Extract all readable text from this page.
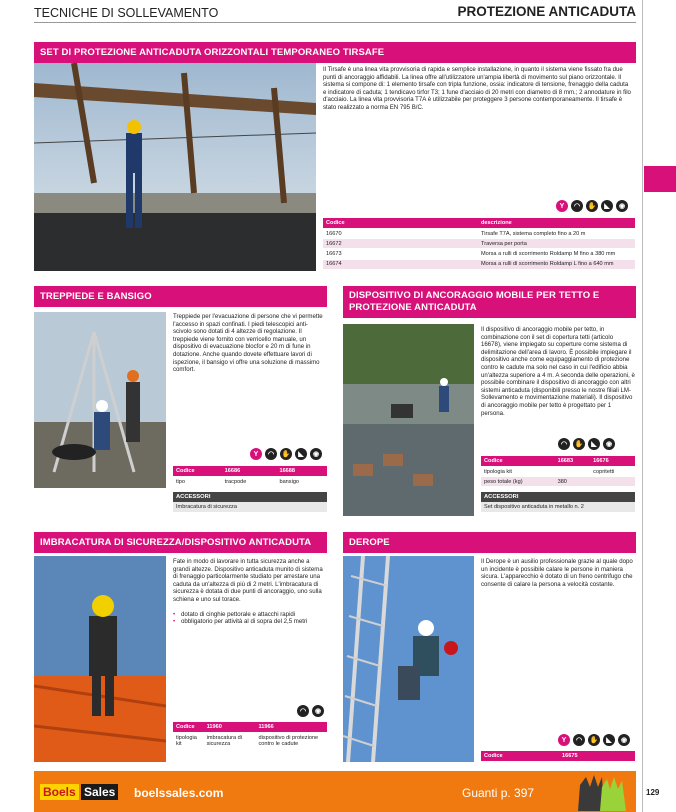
TECNICHE DI SOLLEVAMENTO	PROTEZIONE ANTICADUTA
SET DI PROTEZIONE ANTICADUTA ORIZZONTALI TEMPORANEO TIRSAFE
Il Tirsafe è una linea vita provvisoria di rapida e semplice installazione, in quanto il sistema viene fissato fra due punti di ancoraggio affidabili. La linea offre all'utilizzatore un'ampia libertà di movimento sul piano orizzontale. Il sistema si compone di: 1 elemento tirsafe con tripla funzione, ossia: indicatore di tensione, frenaggio della caduta e indicatore di caduta; 1 tendicavo tirfor T3; 1 fune d'acciaio di 20 metri con diametro di 8 mm.; 2 annodature in filo d'acciaio. La linea vita provvisoria T7A è utilizzabile per proteggere 3 persone contemporaneamente. Il tirsafe è stato realizzato a norma EN 795 B/C.
Y	◠	✋	◣	◉
Codice	descrizione
16670	Tirsafe T7A, sistema completo fino a 20 m
16672	Traversa per porta
16673	Morsa a rulli di scorrimento Roldamp M fino a 380 mm
16674	Morsa a rulli di scorrimento Roldamp L fino a 640 mm
TREPPIEDE E BANSIGO
Treppiede per l'evacuazione di persone che vi permette l'accesso in spazi confinati. I piedi telescopici anti-scivolo sono dotati di 4 altezze di regolazione. Il treppiede viene fornito con verricello manuale, un dispositivo di evacuazione blocfor e 20 m di fune in dotazione. Anche quando dovete effettuare lavori di ispezione, il bansigo vi offre una soluzione di massimo comfort.
Y	◠	✋	◣	◉
Codice	16686	16688
tipo	tracpode	bansigo
ACCESSORI
Imbracatura di sicurezza
DISPOSITIVO DI ANCORAGGIO MOBILE PER TETTO E PROTEZIONE ANTICADUTA
Il dispositivo di ancoraggio mobile per tetto, in combinazione con il set di copertura tetti (articolo 16678), viene impiegato su coperture come sistema di delimitazione dell'area di lavoro. È possibile impiegare il dispositivo anche come equipaggiamento di protezione contro le cadute ma solo nel caso in cui l'edificio abbia un'altezza superiore a 4 m. A seconda delle operazioni, è possibile combinare il dispositivo di ancoraggio con altri sistemi anticaduta (disponibili presso le nostre filiali LM- Sollevamento e movimentazione materiali). Il dispositivo di ancoraggio mobile per tetto è progettato per 1 persona.
◠	✋	◣	◉
Codice	16683	16676
tipologia kit		copritetti
peso totale (kg)	380	
ACCESSORI
Set dispositivo anticaduta in metallo n. 2
IMBRACATURA DI SICUREZZA/DISPOSITIVO ANTICADUTA
Fate in modo di lavorare in tutta sicurezza anche a grandi altezze. Dispositivo anticaduta munito di sistema di frenaggio particolarmente studiato per arrestare una caduta da un'altezza di più di 2 metri. L'imbracatura di sicurezza è dotata di due punti di ancoraggio, uno sulla schiena e uno sul torace.
• dotato di cinghie pettorale e attacchi rapidi
• obbligatorio per attività al di sopra del 2,5 metri
◠	◉
Codice	11960	11966
tipologia kit	imbracatura di sicurezza	dispositivo di protezione contro le cadute
DEROPE
Il Derope è un ausilio professionale grazie al quale dopo un incidente è possibile calare le persone in maniera sicura. L'apparecchio è dotato di un freno centrifugo che consente di calare la persona a velocità costante.
Y	◠	✋	◣	◉
Codice	16675
Boels Sales boelssales.com	Guanti p. 397	129
